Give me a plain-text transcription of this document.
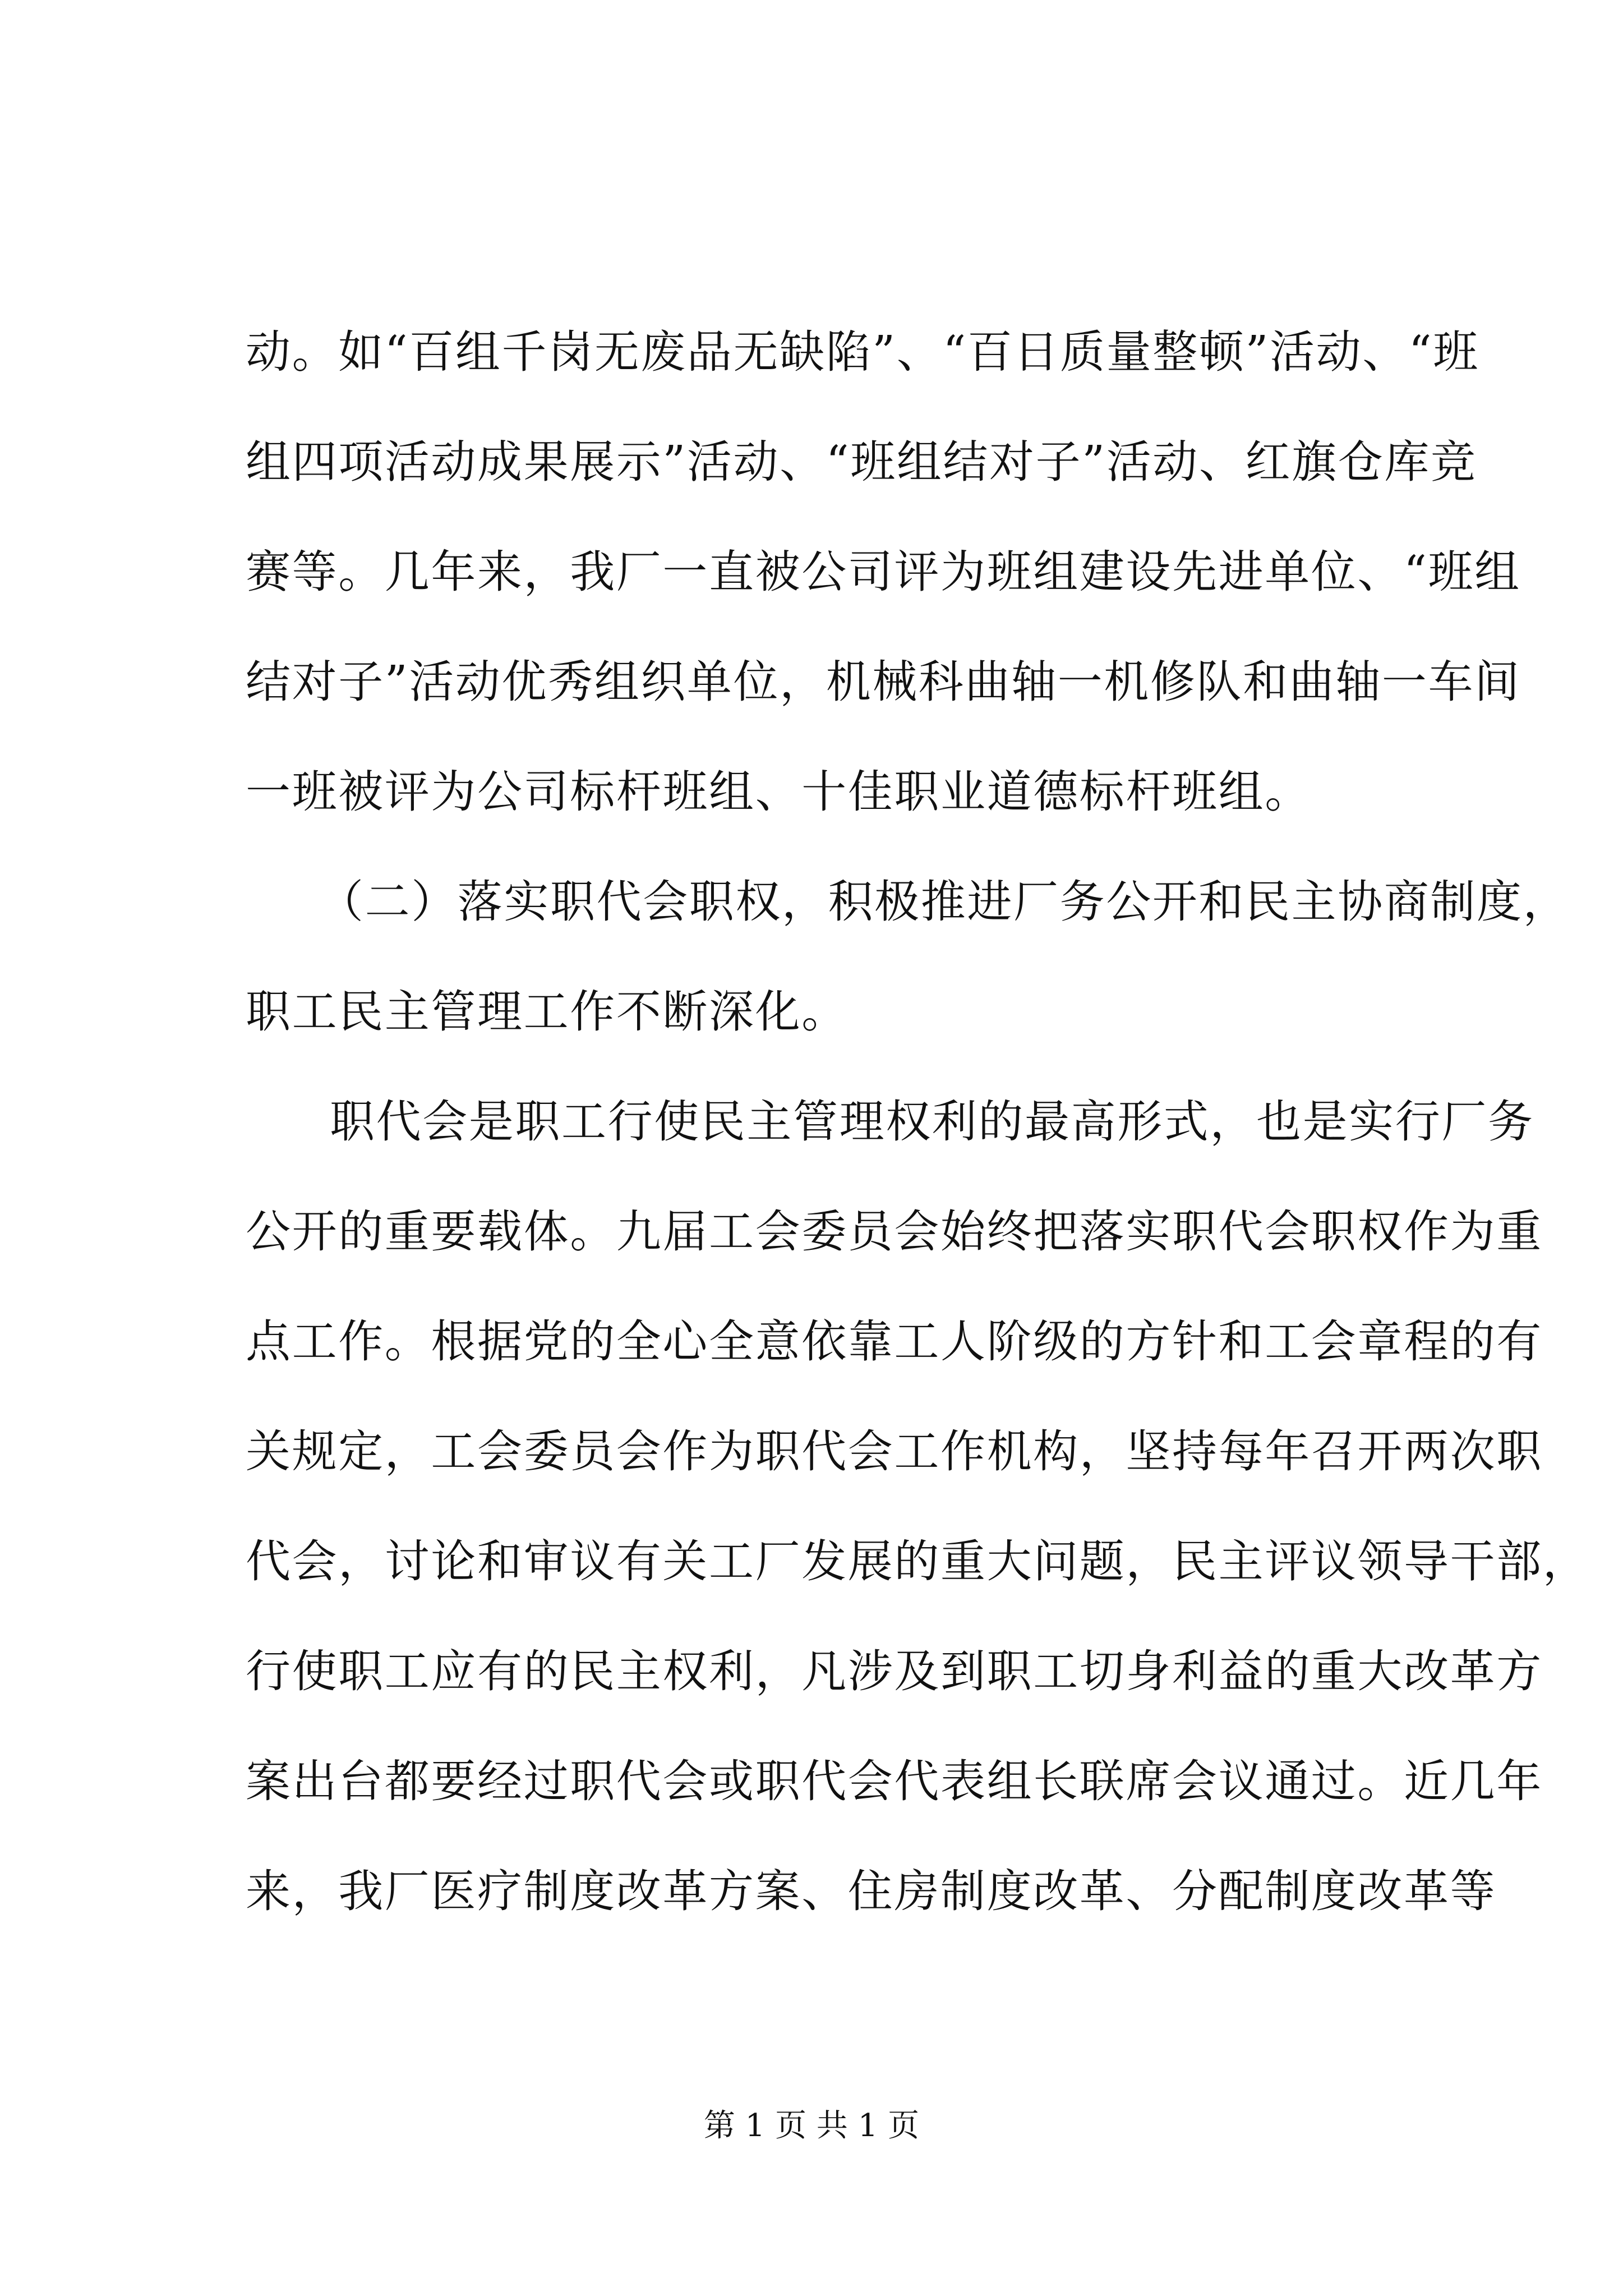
动。如“百组千岗无废品无缺陷”、“百日质量整顿”活动、“班
组四项活动成果展示”活动、“班组结对子”活动、红旗仓库竞
赛等。几年来，我厂一直被公司评为班组建设先进单位、“班组
结对子”活动优秀组织单位，机械科曲轴一机修队和曲轴一车间
一班被评为公司标杆班组、十佳职业道德标杆班组。
（二）落实职代会职权，积极推进厂务公开和民主协商制度，
职工民主管理工作不断深化。
职代会是职工行使民主管理权利的最高形式，也是实行厂务
公开的重要载体。九届工会委员会始终把落实职代会职权作为重
点工作。根据党的全心全意依靠工人阶级的方针和工会章程的有
关规定，工会委员会作为职代会工作机构，坚持每年召开两次职
代会，讨论和审议有关工厂发展的重大问题，民主评议领导干部，
行使职工应有的民主权利，凡涉及到职工切身利益的重大改革方
案出台都要经过职代会或职代会代表组长联席会议通过。近几年
来，我厂医疗制度改革方案、住房制度改革、分配制度改革等
第 1 页 共 1 页
